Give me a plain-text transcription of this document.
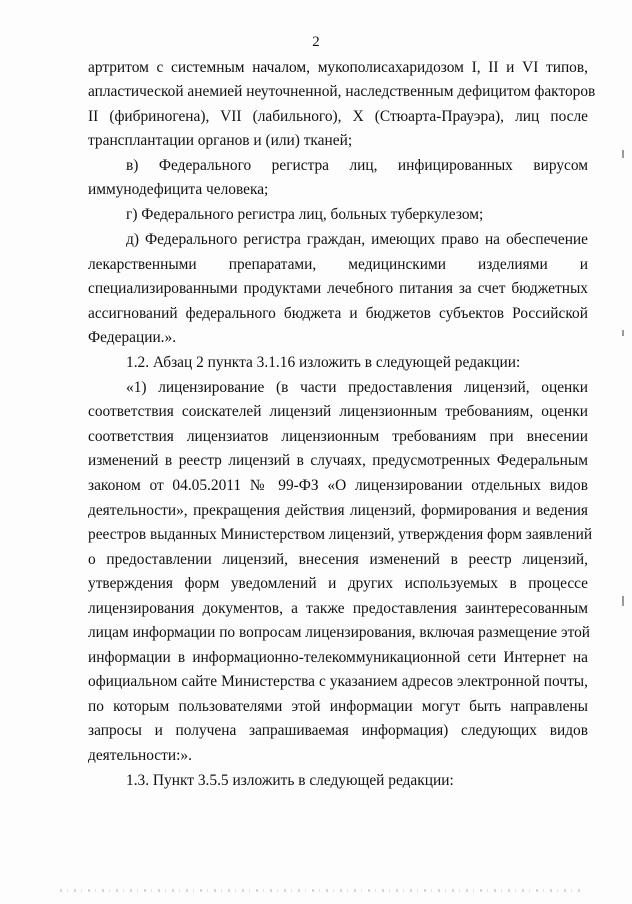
2
артритом с системным началом, мукополисахаридозом I, II и VI типов,
апластической анемией неуточненной, наследственным дефицитом факторов
II (фибриногена), VII (лабильного), X (Стюарта-Прауэра), лиц после
трансплантации органов и (или) тканей;
в) Федерального регистра лиц, инфицированных вирусом
иммунодефицита человека;
г) Федерального регистра лиц, больных туберкулезом;
д) Федерального регистра граждан, имеющих право на обеспечение
лекарственными препаратами, медицинскими изделиями и
специализированными продуктами лечебного питания за счет бюджетных
ассигнований федерального бюджета и бюджетов субъектов Российской
Федерации.».
1.2. Абзац 2 пункта 3.1.16 изложить в следующей редакции:
«1) лицензирование (в части предоставления лицензий, оценки
соответствия соискателей лицензий лицензионным требованиям, оценки
соответствия лицензиатов лицензионным требованиям при внесении
изменений в реестр лицензий в случаях, предусмотренных Федеральным
законом от 04.05.2011 № 99-ФЗ «О лицензировании отдельных видов
деятельности», прекращения действия лицензий, формирования и ведения
реестров выданных Министерством лицензий, утверждения форм заявлений
о предоставлении лицензий, внесения изменений в реестр лицензий,
утверждения форм уведомлений и других используемых в процессе
лицензирования документов, а также предоставления заинтересованным
лицам информации по вопросам лицензирования, включая размещение этой
информации в информационно-телекоммуникационной сети Интернет на
официальном сайте Министерства с указанием адресов электронной почты,
по которым пользователями этой информации могут быть направлены
запросы и получена запрашиваемая информация) следующих видов
деятельности:».
1.3. Пункт 3.5.5 изложить в следующей редакции:
